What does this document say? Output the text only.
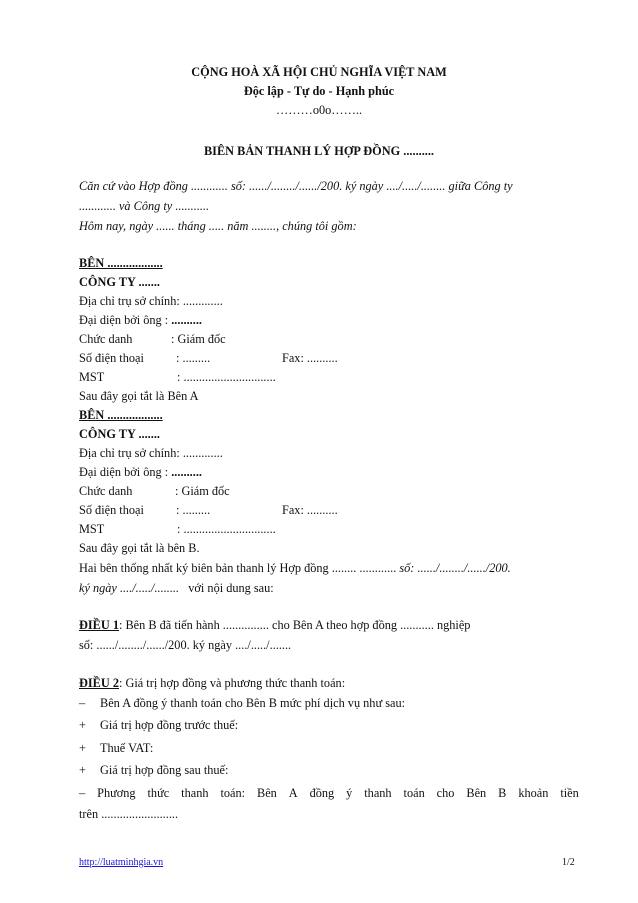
CỘNG HOÀ XÃ HỘI CHỦ NGHĨA VIỆT NAM
Độc lập - Tự do - Hạnh phúc
………o0o……..
BIÊN BẢN THANH LÝ HỢP ĐỒNG ..........
Căn cứ vào Hợp đồng ............ số: ....../......../....../200. ký ngày ..../...../........ giữa Công ty
............ và Công ty ...........
Hôm nay, ngày ...... tháng ..... năm ........, chúng tôi gồm:
BÊN ..................
CÔNG TY .......
Địa chỉ trụ sở chính: .............
Đại diện bởi ông : ..........
Chức danh	: Giám đốc
Số điện thoại	: .........	Fax: ..........
MST	: ..............................
Sau đây gọi tắt là Bên A
BÊN ..................
CÔNG TY .......
Địa chỉ trụ sở chính: .............
Đại diện bởi ông : ..........
Chức danh	: Giám đốc
Số điện thoại	: .........	Fax: ..........
MST	: ..............................
Sau đây gọi tắt là bên B.
Hai bên thống nhất ký biên bản thanh lý Hợp đồng ........ ............ số: ....../......../....../200.
ký ngày ..../...../........   với nội dung sau:
ĐIỀU 1: Bên B đã tiến hành ............... cho Bên A theo hợp đồng ........... nghiệp
số: ....../......../....../200. ký ngày ..../...../.......
ĐIỀU 2: Giá trị hợp đồng và phương thức thanh toán:
– Bên A đồng ý thanh toán cho Bên B mức phí dịch vụ như sau:
+ Giá trị hợp đồng trước thuế:
+ Thuế VAT:
+ Giá trị hợp đồng sau thuế:
– Phương thức thanh toán: Bên A đồng ý thanh toán cho Bên B khoản tiền
trên .........................
http://luatminhgia.vn	1/2
